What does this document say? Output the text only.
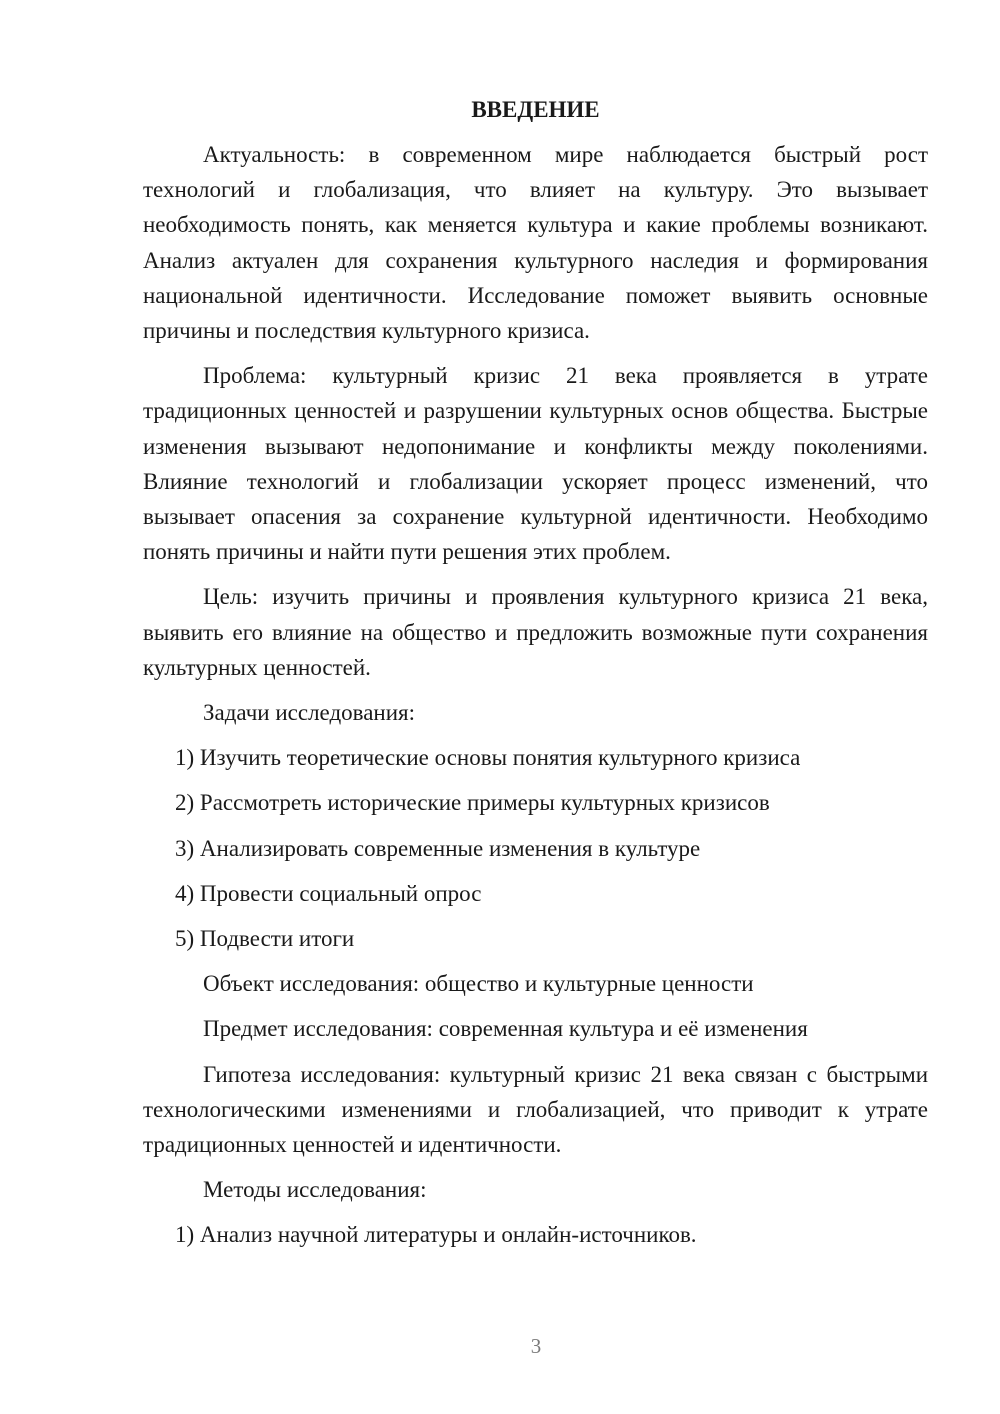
ВВЕДЕНИЕ

Актуальность: в современном мире наблюдается быстрый рост технологий и глобализация, что влияет на культуру. Это вызывает необходимость понять, как меняется культура и какие проблемы возникают. Анализ актуален для сохранения культурного наследия и формирования национальной идентичности. Исследование поможет выявить основные причины и последствия культурного кризиса.

Проблема: культурный кризис 21 века проявляется в утрате традиционных ценностей и разрушении культурных основ общества. Быстрые изменения вызывают недопонимание и конфликты между поколениями. Влияние технологий и глобализации ускоряет процесс изменений, что вызывает опасения за сохранение культурной идентичности. Необходимо понять причины и найти пути решения этих проблем.

Цель: изучить причины и проявления культурного кризиса 21 века, выявить его влияние на общество и предложить возможные пути сохранения культурных ценностей.

Задачи исследования:
1) Изучить теоретические основы понятия культурного кризиса
2) Рассмотреть исторические примеры культурных кризисов
3) Анализировать современные изменения в культуре
4) Провести социальный опрос
5) Подвести итоги
Объект исследования: общество и культурные ценности
Предмет исследования: современная культура и её изменения

Гипотеза исследования: культурный кризис 21 века связан с быстрыми технологическими изменениями и глобализацией, что приводит к утрате традиционных ценностей и идентичности.

Методы исследования:
1) Анализ научной литературы и онлайн-источников.
3
